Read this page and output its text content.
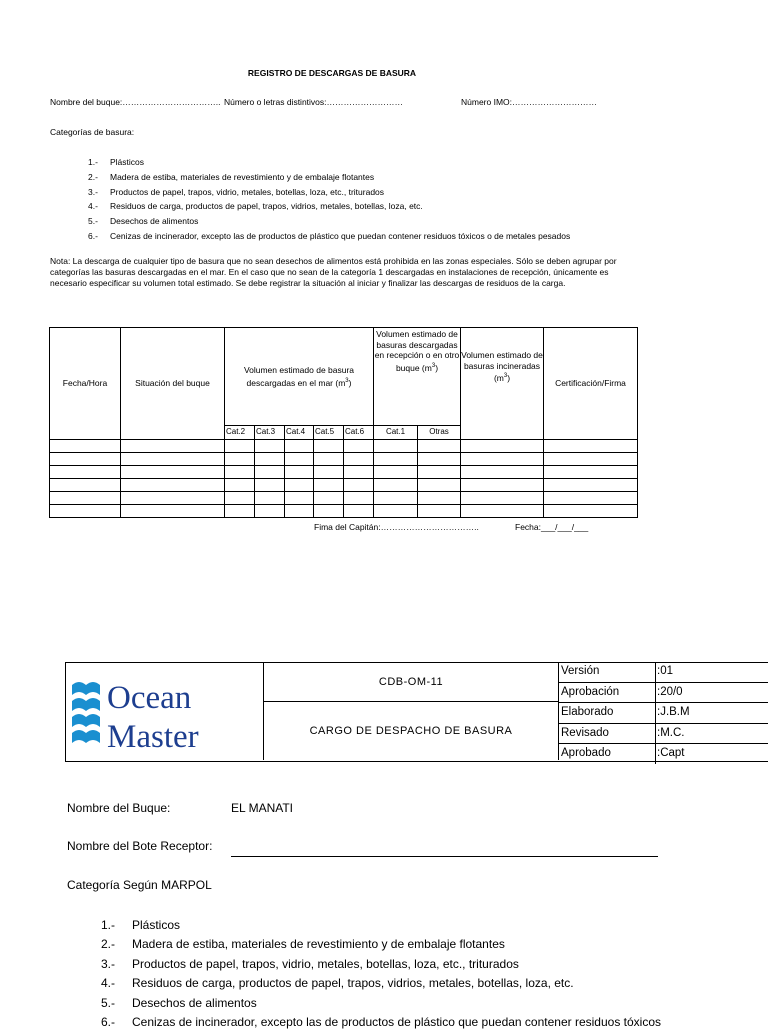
REGISTRO DE DESCARGAS DE BASURA
Nombre del buque:…………………………….. Número o letras distintivos:………………………	Número IMO:…………………………
Categorías de basura:
1.-	Plásticos
2.-	Madera de estiba, materiales de revestimiento y de embalaje flotantes
3.-	Productos de papel, trapos, vidrio, metales, botellas, loza, etc., triturados
4.-	Residuos de carga, productos de papel, trapos, vidrios, metales, botellas, loza, etc.
5.-	Desechos de alimentos
6.-	Cenizas de incinerador, excepto las de productos de plástico que puedan contener residuos tóxicos o de metales pesados
Nota: La descarga de cualquier tipo de basura que no sean desechos de alimentos está prohibida en las zonas especiales. Sólo se deben agrupar por categorías las basuras descargadas en el mar. En el caso que no sean de la categoría 1 descargadas en instalaciones de recepción, únicamente es necesario especificar su volumen total estimado. Se debe registrar la situación al iniciar y finalizar las descargas de residuos de la carga.
Fecha/Hora	Situación del buque	Volumen estimado de basura descargadas en el mar $(m^3)$					Volumen estimado de basuras descargadas en recepción o en otro buque $(m^3)$		Volumen estimado de basuras incineradas $(m^3)$	Certificación/Firma
		Cat.2	Cat.3	Cat.4	Cat.5	Cat.6	Cat.1	Otras		

Fima del Capitán:……………………………..	Fecha:___/___/___
Ocean
Master
CDB-OM-11
CARGO DE DESPACHO DE BASURA
Versión	:01
Aprobación	:20/0
Elaborado	:J.B.M
Revisado	:M.C.
Aprobado	:Capt
Nombre del Buque:	EL MANATI
Nombre del Bote Receptor:
Categoría Según MARPOL
1.-	Plásticos
2.-	Madera de estiba, materiales de revestimiento y de embalaje flotantes
3.-	Productos de papel, trapos, vidrio, metales, botellas, loza, etc., triturados
4.-	Residuos de carga, productos de papel, trapos, vidrios, metales, botellas, loza, etc.
5.-	Desechos de alimentos
6.-	Cenizas de incinerador, excepto las de productos de plástico que puedan contener residuos tóxicos
